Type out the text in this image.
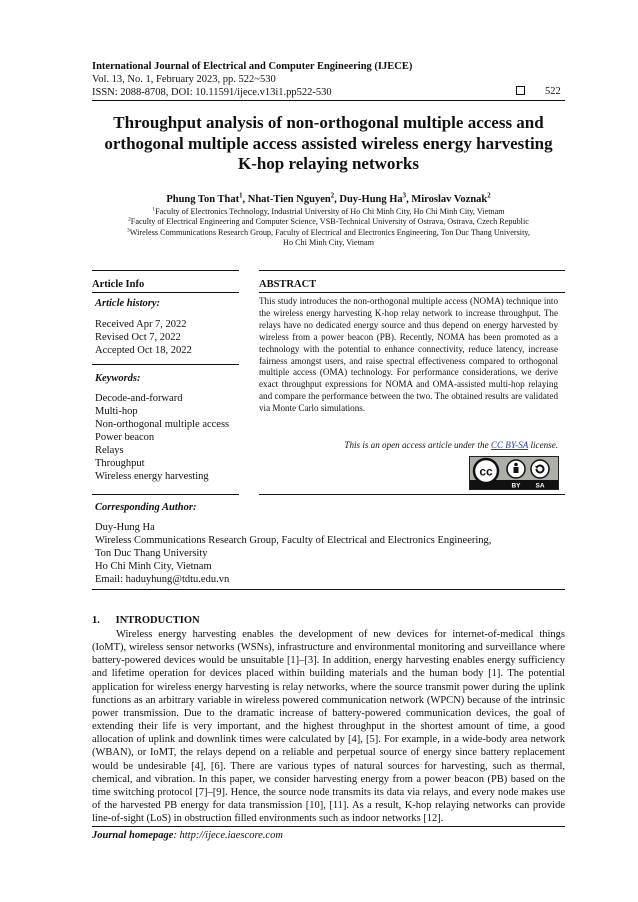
International Journal of Electrical and Computer Engineering (IJECE)
Vol. 13, No. 1, February 2023, pp. 522~530
ISSN: 2088-8708, DOI: 10.11591/ijece.v13i1.pp522-530	522
Throughput analysis of non-orthogonal multiple access and
orthogonal multiple access assisted wireless energy harvesting
K-hop relaying networks
Phung Ton That$^1$, Nhat-Tien Nguyen$^2$, Duy-Hung Ha$^3$, Miroslav Voznak$^2$
$^1$Faculty of Electronics Technology, Industrial University of Ho Chi Minh City, Ho Chi Minh City, Vietnam
$^2$Faculty of Electrical Engineering and Computer Science, VSB-Technical University of Ostrava, Ostrava, Czech Republic
$^3$Wireless Communications Research Group, Faculty of Electrical and Electronics Engineering, Ton Duc Thang University,
Ho Chi Minh City, Vietnam
Article Info	ABSTRACT
Article history:
Received Apr 7, 2022
Revised Oct 7, 2022
Accepted Oct 18, 2022
Keywords:
Decode-and-forward
Multi-hop
Non-orthogonal multiple access
Power beacon
Relays
Throughput
Wireless energy harvesting
This study introduces the non-orthogonal multiple access (NOMA) technique into the wireless energy harvesting K-hop relay network to increase throughput. The relays have no dedicated energy source and thus depend on energy harvested by wireless from a power beacon (PB). Recently, NOMA has been promoted as a technology with the potential to enhance connectivity, reduce latency, increase fairness amongst users, and raise spectral effectiveness compared to orthogonal multiple access (OMA) technology. For performance considerations, we derive exact throughput expressions for NOMA and OMA-assisted multi-hop relaying and compare the performance between the two. The obtained results are validated via Monte Carlo simulations.
This is an open access article under the CC BY-SA license.
cc
BY SA
Corresponding Author:
Duy-Hung Ha
Wireless Communications Research Group, Faculty of Electrical and Electronics Engineering,
Ton Duc Thang University
Ho Chi Minh City, Vietnam
Email: haduyhung@tdtu.edu.vn
1.      INTRODUCTION

Wireless energy harvesting enables the development of new devices for internet-of-medical things (IoMT), wireless sensor networks (WSNs), infrastructure and environmental monitoring and surveillance where battery-powered devices would be unsuitable [1]–[3]. In addition, energy harvesting enables energy sufficiency and lifetime operation for devices placed within building materials and the human body [1]. The potential application for wireless energy harvesting is relay networks, where the source transmit power during the uplink functions as an arbitrary variable in wireless powered communication network (WPCN) because of the intrinsic power transmission. Due to the dramatic increase of battery-powered communication devices, the goal of extending their life is very important, and the highest throughput in the shortest amount of time, a good allocation of uplink and downlink times were calculated by [4], [5]. For example, in a wide-body area network (WBAN), or IoMT, the relays depend on a reliable and perpetual source of energy since battery replacement would be undesirable [4], [6]. There are various types of natural sources for harvesting, such as thermal, chemical, and vibration. In this paper, we consider harvesting energy from a power beacon (PB) based on the time switching protocol [7]–[9]. Hence, the source node transmits its data via relays, and every node makes use of the harvested PB energy for data transmission [10], [11]. As a result, K-hop relaying networks can provide line-of-sight (LoS) in obstruction filled environments such as indoor networks [12].

Journal homepage: http://ijece.iaescore.com
